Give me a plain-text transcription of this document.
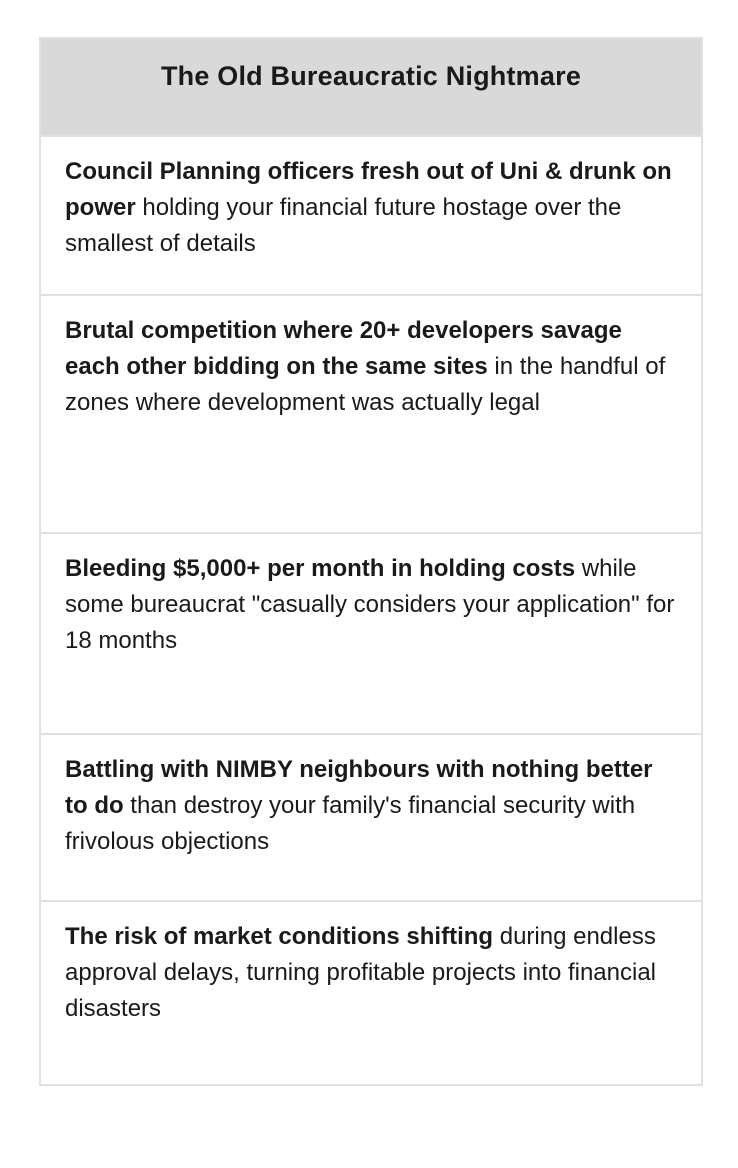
The Old Bureaucratic Nightmare

Council Planning officers fresh out of Uni & drunk on power holding your financial future hostage over the smallest of details

Brutal competition where 20+ developers savage each other bidding on the same sites in the handful of zones where development was actually legal

Bleeding $5,000+ per month in holding costs while some bureaucrat "casually considers your application" for 18 months

Battling with NIMBY neighbours with nothing better to do than destroy your family's financial security with frivolous objections

The risk of market conditions shifting during endless approval delays, turning profitable projects into financial disasters
